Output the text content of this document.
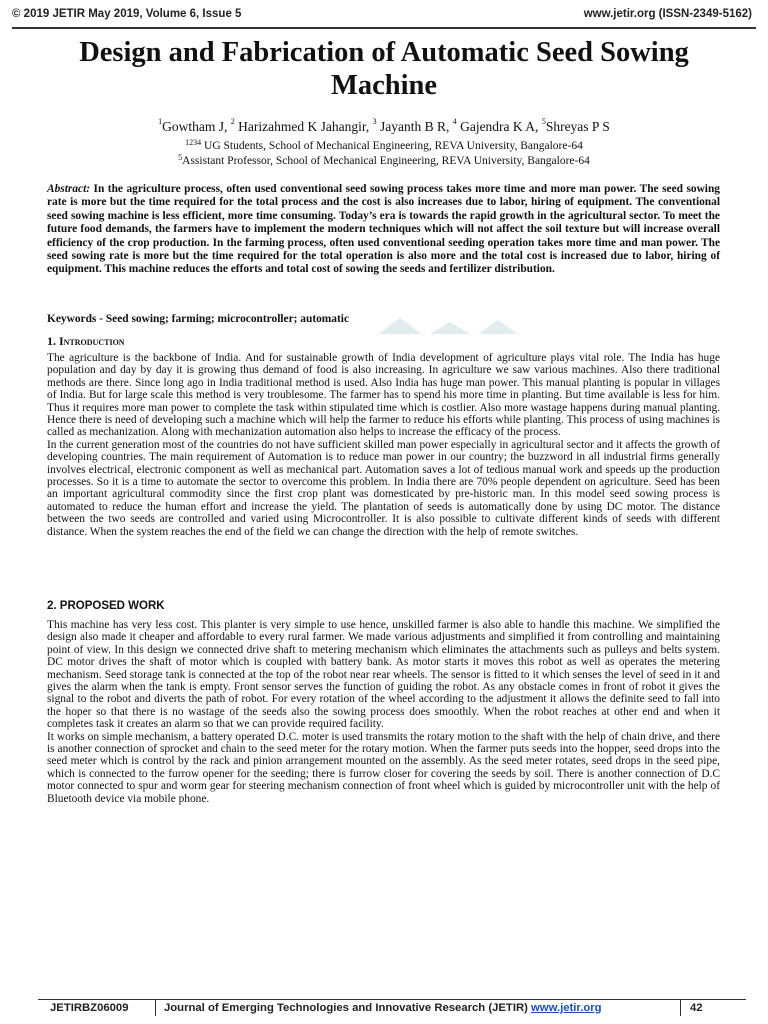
© 2019 JETIR May 2019, Volume 6, Issue 5	www.jetir.org (ISSN-2349-5162)
Design and Fabrication of Automatic Seed Sowing Machine
$^1$Gowtham J, $^2$ Harizahmed K Jahangir, $^3$ Jayanth B R, $^4$ Gajendra K A, $^5$Shreyas P S
$^{1234}$ UG Students, School of Mechanical Engineering, REVA University, Bangalore-64
$^5$Assistant Professor, School of Mechanical Engineering, REVA University, Bangalore-64

Abstract: In the agriculture process, often used conventional seed sowing process takes more time and more man power. The seed sowing rate is more but the time required for the total process and the cost is also increases due to labor, hiring of equipment. The conventional seed sowing machine is less efficient, more time consuming. Today’s era is towards the rapid growth in the agricultural sector. To meet the future food demands, the farmers have to implement the modern techniques which will not affect the soil texture but will increase overall efficiency of the crop production. In the farming process, often used conventional seeding operation takes more time and man power. The seed sowing rate is more but the time required for the total operation is also more and the total cost is increased due to labor, hiring of equipment. This machine reduces the efforts and total cost of sowing the seeds and fertilizer distribution.

Keywords - Seed sowing; farming; microcontroller; automatic

1. Introduction

The agriculture is the backbone of India. And for sustainable growth of India development of agriculture plays vital role. The India has huge population and day by day it is growing thus demand of food is also increasing. In agriculture we saw various machines. Also there traditional methods are there. Since long ago in India traditional method is used. Also India has huge man power. This manual planting is popular in villages of India. But for large scale this method is very troublesome. The farmer has to spend his more time in planting. But time available is less for him. Thus it requires more man power to complete the task within stipulated time which is costlier. Also more wastage happens during manual planting. Hence there is need of developing such a machine which will help the farmer to reduce his efforts while planting. This process of using machines is called as mechanization. Along with mechanization automation also helps to increase the efficacy of the process.

In the current generation most of the countries do not have sufficient skilled man power especially in agricultural sector and it affects the growth of developing countries. The main requirement of Automation is to reduce man power in our country; the buzzword in all industrial firms generally involves electrical, electronic component as well as mechanical part. Automation saves a lot of tedious manual work and speeds up the production processes. So it is a time to automate the sector to overcome this problem. In India there are 70% people dependent on agriculture. Seed has been an important agricultural commodity since the first crop plant was domesticated by pre-historic man. In this model seed sowing process is automated to reduce the human effort and increase the yield. The plantation of seeds is automatically done by using DC motor. The distance between the two seeds are controlled and varied using Microcontroller. It is also possible to cultivate different kinds of seeds with different distance. When the system reaches the end of the field we can change the direction with the help of remote switches.

2. PROPOSED WORK

This machine has very less cost. This planter is very simple to use hence, unskilled farmer is also able to handle this machine. We simplified the design also made it cheaper and affordable to every rural farmer. We made various adjustments and simplified it from controlling and maintaining point of view. In this design we connected drive shaft to metering mechanism which eliminates the attachments such as pulleys and belts system. DC motor drives the shaft of motor which is coupled with battery bank. As motor starts it moves this robot as well as operates the metering mechanism. Seed storage tank is connected at the top of the robot near rear wheels. The sensor is fitted to it which senses the level of seed in it and gives the alarm when the tank is empty. Front sensor serves the function of guiding the robot. As any obstacle comes in front of robot it gives the signal to the robot and diverts the path of robot. For every rotation of the wheel according to the adjustment it allows the definite seed to fall into the hoper so that there is no wastage of the seeds also the sowing process does smoothly. When the robot reaches at other end and when it completes task it creates an alarm so that we can provide required facility.

It works on simple mechanism, a battery operated D.C. moter is used transmits the rotary motion to the shaft with the help of chain drive, and there is another connection of sprocket and chain to the seed meter for the rotary motion. When the farmer puts seeds into the hopper, seed drops into the seed meter which is control by the rack and pinion arrangement mounted on the assembly. As the seed meter rotates, seed drops in the seed pipe, which is connected to the furrow opener for the seeding; there is furrow closer for covering the seeds by soil. There is another connection of D.C motor connected to spur and worm gear for steering mechanism connection of front wheel which is guided by microcontroller unit with the help of Bluetooth device via mobile phone.

JETIRBZ06009	Journal of Emerging Technologies and Innovative Research (JETIR) www.jetir.org	42
